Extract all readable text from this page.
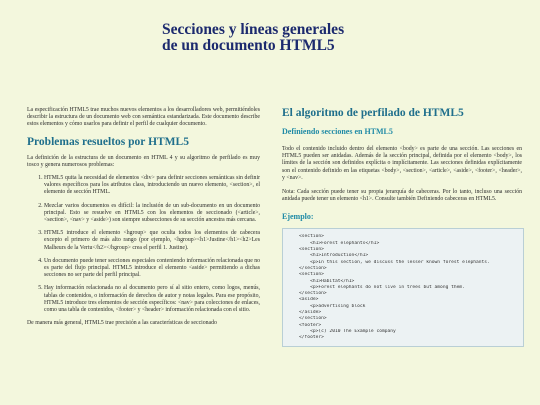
Secciones y líneas generales
de un documento HTML5

La especificación HTML5 trae muchos nuevos elementos a los desarrolladores web, permitiéndoles describir la estructura de un documento web con semántica estandarizada. Este documento describe estos elementos y cómo usarlos para definir el perfil de cualquier documento.

Problemas resueltos por HTML5

La definición de la estructura de un documento en HTML 4 y su algoritmo de perfilado es muy tosco y genera numerosos problemas:

1. HTML5 quita la necesidad de elementos <div> para definir secciones semánticas sin definir valores específicos para los atributos class, introduciendo un nuevo elemento, <section>, el elemento de sección HTML.
2. Mezclar varios documentos es difícil: la inclusión de un sub-documento en un documento principal. Esto se resuelve en HTML5 con los elementos de seccionado (<article>, <section>, <nav> y <aside>) son siempre subsecciones de su sección ancestra más cercana.
3. HTML5 introduce el elemento <hgroup> que oculta todos los elementos de cabecera excepto el primero de más alto rango (por ejemplo, <hgroup><h1>Justine</h1><h2>Les Malheurs de la Vertu</h2></hgroup> crea el perfil 1. Justine).
4. Un documento puede tener secciones especiales conteniendo información relacionada que no es parte del flujo principal. HTML5 introduce el elemento <aside> permitiendo a dichas secciones no ser parte del perfil principal.
5. Hay información relacionada no al documento pero sí al sitio entero, como logos, menús, tablas de contenidos, o información de derechos de autor y notas legales. Para ese propósito, HTML5 introduce tres elementos de sección específicos: <nav> para colecciones de enlaces, como una tabla de contenidos, <footer> y <header> información relacionada con el sitio.

De manera más general, HTML5 trae precisión a las características de seccionado

El algoritmo de perfilado de HTML5
Definiendo secciones en HTML5

Todo el contenido incluido dentro del elemento <body> es parte de una sección. Las secciones en HTML5 pueden ser anidadas. Además de la sección principal, definida por el elemento <body>, los límites de la sección son definidos explícita o implícitamente. Las secciones definidas explícitamente son el contenido definido en las etiquetas <body>, <section>, <article>, <aside>, <footer>, <header>, y <nav>.

Nota: Cada sección puede tener su propia jerarquía de cabeceras. Por lo tanto, incluso una sección anidada puede tener un elemento <h1>. Consulte también Definiendo cabeceras en HTML5.

Ejemplo:
<section>
<h1>Forest elephants</h1>
<section>
<h1>Introduction</h1>
<p>In this section, we discuss the lesser known forest elephants.
</section>
<section>
<h1>Habitat</h1>
<p>Forest elephants do not live in trees but among them.
</section>
<aside>
<p>advertising block
</aside>
</section>
<footer>
<p>(c) 2010 The Example company
</footer>
